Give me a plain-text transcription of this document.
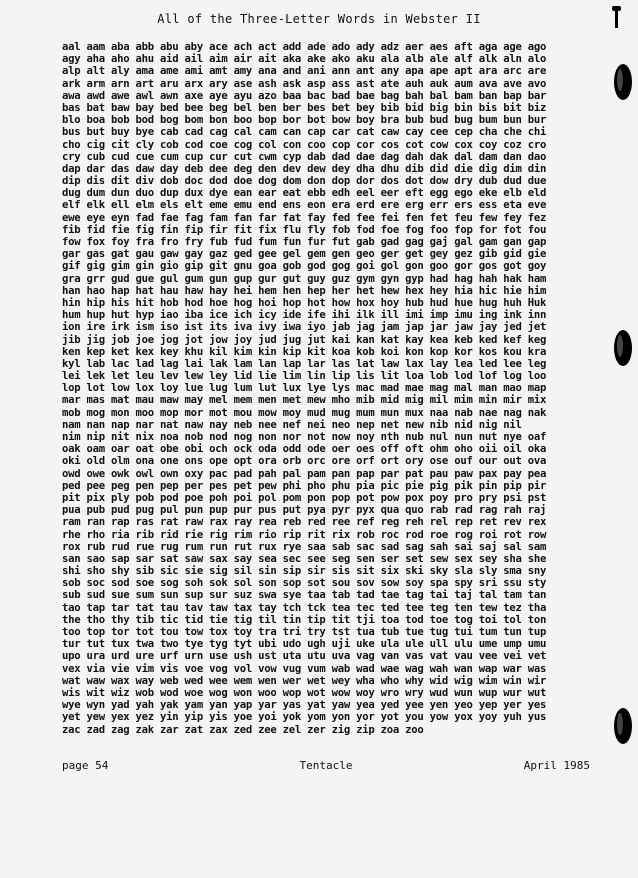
All of the Three-Letter Words in Webster II
aal aam aba abb abu aby ace ach act add ade ado ady adz aer aes aft aga age ago
agy aha aho ahu aid ail aim air ait aka ake ako aku ala alb ale alf alk aln alo
alp alt aly ama ame ami amt amy ana and ani ann ant any apa ape apt ara arc are
ark arm arn art aru arx ary ase ash ask asp ass ast ate auh auk aum ava ave avo
awa awd awe awl awn axe aye ayu azo baa bac bad bae bag bah bal bam ban bap bar
bas bat baw bay bed bee beg bel ben ber bes bet bey bib bid big bin bis bit biz
blo boa bob bod bog bom bon boo bop bor bot bow boy bra bub bud bug bum bun bur
bus but buy bye cab cad cag cal cam can cap car cat caw cay cee cep cha che chi
cho cig cit cly cob cod coe cog col con coo cop cor cos cot cow cox coy coz cro
cry cub cud cue cum cup cur cut cwm cyp dab dad dae dag dah dak dal dam dan dao
dap dar das daw day deb dee deg den dev dew dey dha dhu dib did die dig dim din
dip dis dit div dob doc dod doe dog dom don dop dor dos dot dow dry dub dud due
dug dum dun duo dup dux dye ean ear eat ebb edh eel eer eft egg ego eke elb eld
elf elk ell elm els elt eme emu end ens eon era erd ere erg err ers ess eta eve
ewe eye eyn fad fae fag fam fan far fat fay fed fee fei fen fet feu few fey fez
fib fid fie fig fin fip fir fit fix flu fly fob fod foe fog foo fop for fot fou
fow fox foy fra fro fry fub fud fum fun fur fut gab gad gag gaj gal gam gan gap
gar gas gat gau gaw gay gaz ged gee gel gem gen geo ger get gey gez gib gid gie
gif gig gim gin gio gip git gnu goa gob god gog goi gol gon goo gor gos got goy
gra grr gud gue gul gum gun gup gur gut guy guz gym gyn gyp had hag hah hak ham
han hao hap hat hau haw hay hei hem hen hep her het hew hex hey hia hic hie him
hin hip his hit hob hod hoe hog hoi hop hot how hox hoy hub hud hue hug huh Huk
hum hup hut hyp iao iba ice ich icy ide ife ihi ilk ill imi imp imu ing ink inn
ion ire irk ism iso ist its iva ivy iwa iyo jab jag jam jap jar jaw jay jed jet
jib jig job joe jog jot jow joy jud jug jut kai kan kat kay kea keb ked kef keg
ken kep ket kex key khu kil kim kin kip kit koa kob koi kon kop kor kos kou kra
kyl lab lac lad lag lai lak lam lan lap lar las lat law lax lay lea led lee leg
lei lek let leu lev lew ley lid lie lim lin lip lis lit loa lob lod lof log loo
lop lot low lox loy lue lug lum lut lux lye lys mac mad mae mag mal man mao map
mar mas mat mau maw may mel mem men met mew mho mib mid mig mil mim min mir mix
mob mog mon moo mop mor mot mou mow moy mud mug mum mun mux naa nab nae nag nak
nam nan nap nar nat naw nay neb nee nef nei neo nep net new nib nid nig nil
nim nip nit nix noa nob nod nog non nor not now noy nth nub nul nun nut nye oaf
oak oam oar oat obe obi och ock oda odd ode oer oes off oft ohm oho oii oil oka
oki old olm ona one ons ope opt ora orb orc ore orf ort ory ose ouf our out ova
owd owe owk owl own oxy pac pad pah pal pam pan pap par pat pau paw pax pay pea
ped pee peg pen pep per pes pet pew phi pho phu pia pic pie pig pik pin pip pir
pit pix ply pob pod poe poh poi pol pom pon pop pot pow pox poy pro pry psi pst
pua pub pud pug pul pun pup pur pus put pya pyr pyx qua quo rab rad rag rah raj
ram ran rap ras rat raw rax ray rea reb red ree ref reg reh rel rep ret rev rex
rhe rho ria rib rid rie rig rim rio rip rit rix rob roc rod roe rog roi rot row
rox rub rud rue rug rum run rut rux rye saa sab sac sad sag sah sai saj sal sam
san sao sap sar sat saw sax say sea sec see seg sen ser set sew sex sey sha she
shi sho shy sib sic sie sig sil sin sip sir sis sit six ski sky sla sly sma sny
sob soc sod soe sog soh sok sol son sop sot sou sov sow soy spa spy sri ssu sty
sub sud sue sum sun sup sur suz swa sye taa tab tad tae tag tai taj tal tam tan
tao tap tar tat tau tav taw tax tay tch tck tea tec ted tee teg ten tew tez tha
the tho thy tib tic tid tie tig til tin tip tit tji toa tod toe tog toi tol ton
too top tor tot tou tow tox toy tra tri try tst tua tub tue tug tui tum tun tup
tur tut tux twa two tye tyg tyt ubi udo ugh uji uke ula ule ull ulu ume ump umu
upo ura urd ure urf urn use ush ust uta utu uva vag van vas vat vau vee vei vet
vex via vie vim vis voe vog vol vow vug vum wab wad wae wag wah wan wap war was
wat waw wax way web wed wee wem wen wer wet wey wha who why wid wig wim win wir
wis wit wiz wob wod woe wog won woo wop wot wow woy wro wry wud wun wup wur wut
wye wyn yad yah yak yam yan yap yar yas yat yaw yea yed yee yen yeo yep yer yes
yet yew yex yez yin yip yis yoe yoi yok yom yon yor yot you yow yox yoy yuh yus
zac zad zag zak zar zat zax zed zee zel zer zig zip zoa zoo
page 54	Tentacle	April 1985
